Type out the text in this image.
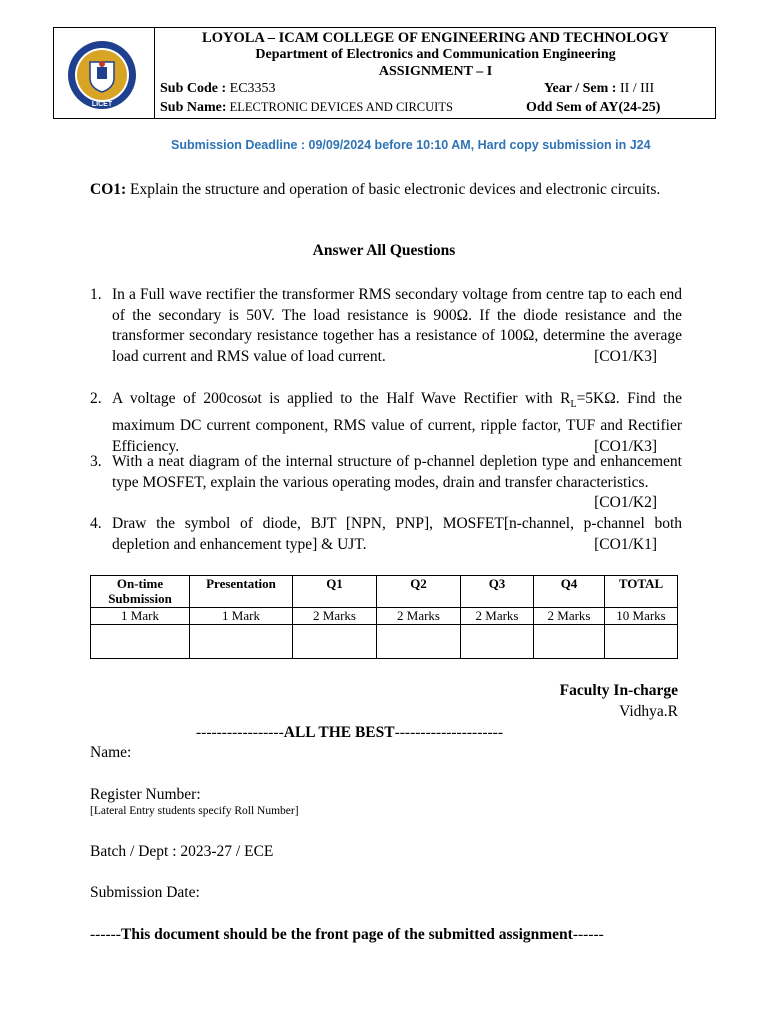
LICET
LOYOLA – ICAM COLLEGE OF ENGINEERING AND TECHNOLOGY
Department of Electronics and Communication Engineering
ASSIGNMENT – I
Sub Code : EC3353
Sub Name: ELECTRONIC DEVICES AND CIRCUITS
Year / Sem : II / III
Odd Sem of AY(24-25)
Submission Deadline : 09/09/2024 before 10:10 AM, Hard copy submission in J24
CO1: Explain the structure and operation of basic electronic devices and electronic circuits.
Answer All Questions
1. In a Full wave rectifier the transformer RMS secondary voltage from centre tap to each end of the secondary is 50V. The load resistance is 900Ω. If the diode resistance and the transformer secondary resistance together has a resistance of 100Ω, determine the average load current and RMS value of load current.	[CO1/K3]
2. A voltage of 200cosωt is applied to the Half Wave Rectifier with $R_L=5K\Omega$. Find the maximum DC current component, RMS value of current, ripple factor, TUF and Rectifier Efficiency.	[CO1/K3]
3. With a neat diagram of the internal structure of p-channel depletion type and enhancement type MOSFET, explain the various operating modes, drain and transfer characteristics.
[CO1/K2]
4. Draw the symbol of diode, BJT [NPN, PNP], MOSFET[n-channel, p-channel both depletion and enhancement type] & UJT.	[CO1/K1]
On-time Submission	Presentation	Q1	Q2	Q3	Q4	TOTAL
1 Mark	1 Mark	2 Marks	2 Marks	2 Marks	2 Marks	10 Marks

Faculty In-charge
Vidhya.R
-----------------ALL THE BEST---------------------
Name:
Register Number:
[Lateral Entry students specify Roll Number]
Batch / Dept : 2023-27 / ECE
Submission Date:
------This document should be the front page of the submitted assignment------
